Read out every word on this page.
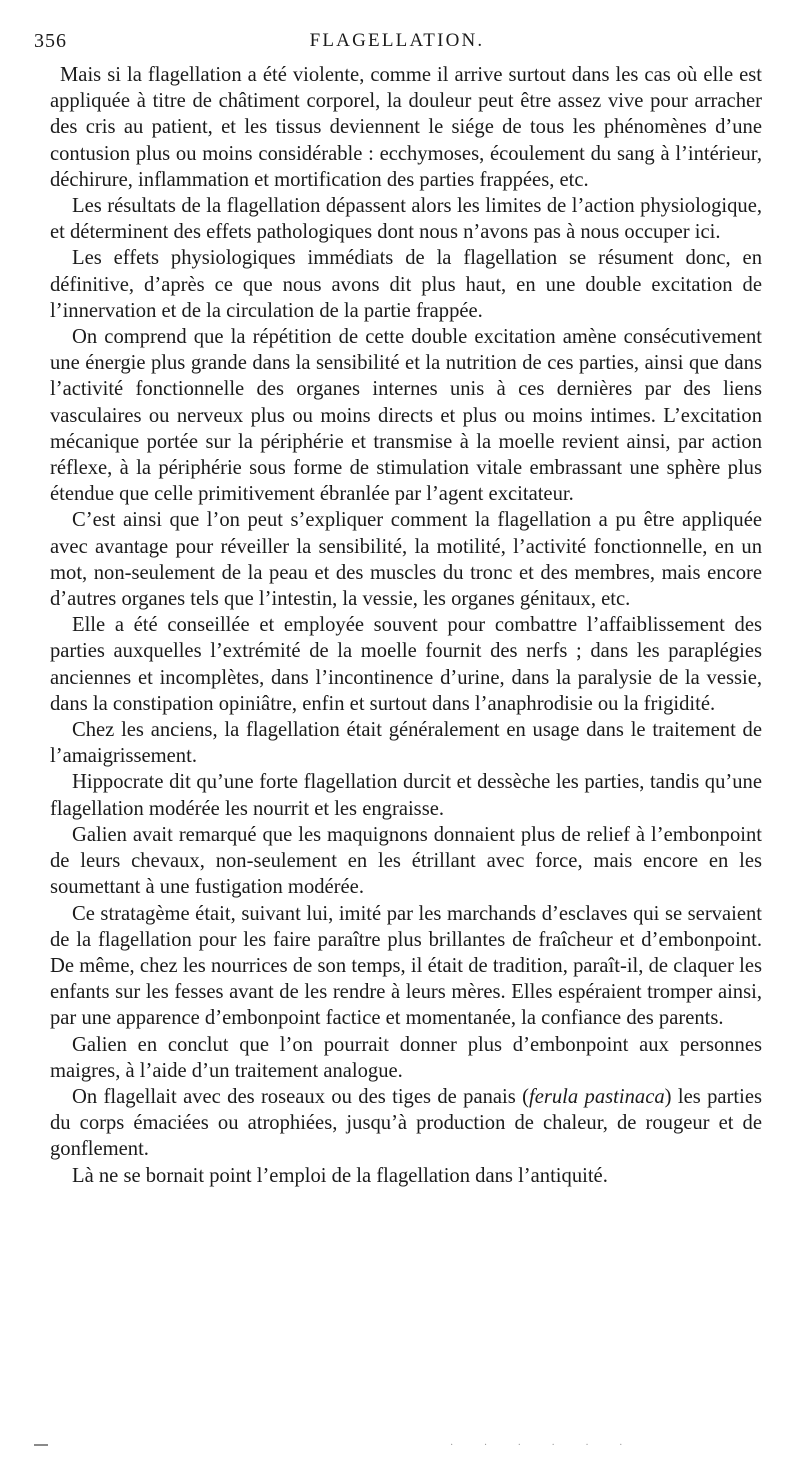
356	FLAGELLATION.

Mais si la flagellation a été violente, comme il arrive surtout dans les cas où elle est appliquée à titre de châtiment corporel, la douleur peut être assez vive pour arracher des cris au patient, et les tissus deviennent le siége de tous les phénomènes d’une contusion plus ou moins considérable : ecchymoses, écoulement du sang à l’intérieur, déchirure, inflammation et mortification des parties frappées, etc.

Les résultats de la flagellation dépassent alors les limites de l’action physiologique, et déterminent des effets pathologiques dont nous n’avons pas à nous occuper ici.

Les effets physiologiques immédiats de la flagellation se résument donc, en définitive, d’après ce que nous avons dit plus haut, en une double excitation de l’innervation et de la circulation de la partie frappée.

On comprend que la répétition de cette double excitation amène consécutivement une énergie plus grande dans la sensibilité et la nutrition de ces parties, ainsi que dans l’activité fonctionnelle des organes internes unis à ces dernières par des liens vasculaires ou nerveux plus ou moins directs et plus ou moins intimes. L’excitation mécanique portée sur la périphérie et transmise à la moelle revient ainsi, par action réflexe, à la périphérie sous forme de stimulation vitale embrassant une sphère plus étendue que celle primitivement ébranlée par l’agent excitateur.

C’est ainsi que l’on peut s’expliquer comment la flagellation a pu être appliquée avec avantage pour réveiller la sensibilité, la motilité, l’activité fonctionnelle, en un mot, non-seulement de la peau et des muscles du tronc et des membres, mais encore d’autres organes tels que l’intestin, la vessie, les organes génitaux, etc.

Elle a été conseillée et employée souvent pour combattre l’affaiblissement des parties auxquelles l’extrémité de la moelle fournit des nerfs ; dans les paraplégies anciennes et incomplètes, dans l’incontinence d’urine, dans la paralysie de la vessie, dans la constipation opiniâtre, enfin et surtout dans l’anaphrodisie ou la frigidité.

Chez les anciens, la flagellation était généralement en usage dans le traitement de l’amaigrissement.

Hippocrate dit qu’une forte flagellation durcit et dessèche les parties, tandis qu’une flagellation modérée les nourrit et les engraisse.

Galien avait remarqué que les maquignons donnaient plus de relief à l’embonpoint de leurs chevaux, non-seulement en les étrillant avec force, mais encore en les soumettant à une fustigation modérée.

Ce stratagème était, suivant lui, imité par les marchands d’esclaves qui se servaient de la flagellation pour les faire paraître plus brillantes de fraîcheur et d’embonpoint. De même, chez les nourrices de son temps, il était de tradition, paraît-il, de claquer les enfants sur les fesses avant de les rendre à leurs mères. Elles espéraient tromper ainsi, par une apparence d’embonpoint factice et momentanée, la confiance des parents.

Galien en conclut que l’on pourrait donner plus d’embonpoint aux personnes maigres, à l’aide d’un traitement analogue.

On flagellait avec des roseaux ou des tiges de panais (ferula pastinaca) les parties du corps émaciées ou atrophiées, jusqu’à production de chaleur, de rougeur et de gonflement.

Là ne se bornait point l’emploi de la flagellation dans l’antiquité.

· · · · · ·
